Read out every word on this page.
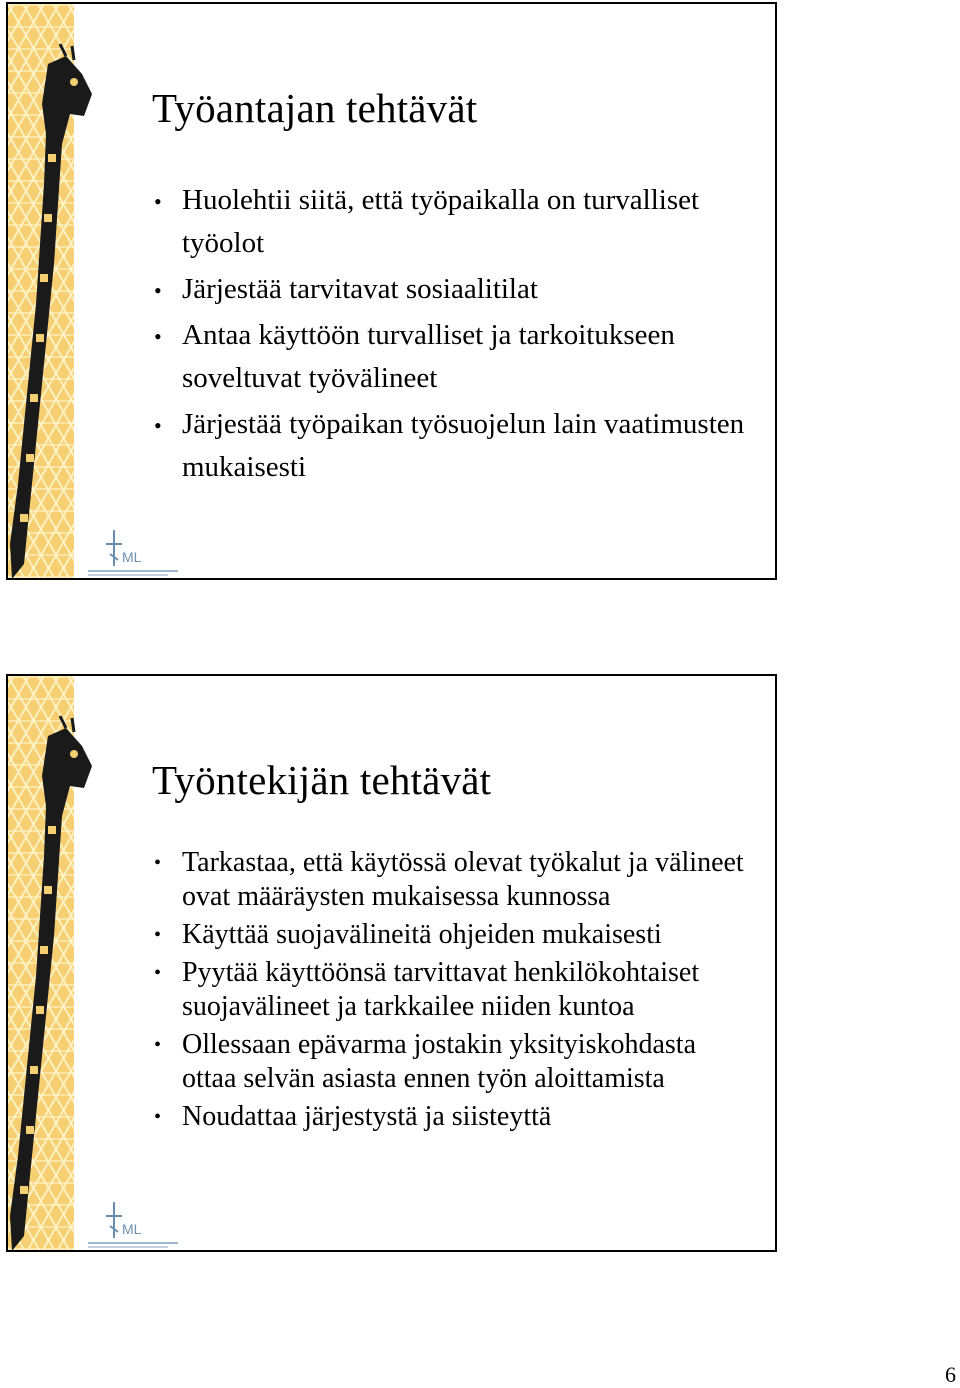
ML
Työantajan tehtävät
• Huolehtii siitä, että työpaikalla on turvalliset työolot
• Järjestää tarvitavat sosiaalitilat
• Antaa käyttöön turvalliset ja tarkoitukseen soveltuvat työvälineet
• Järjestää työpaikan työsuojelun lain vaatimusten mukaisesti
ML
Työntekijän tehtävät
• Tarkastaa, että käytössä olevat työkalut ja välineet ovat määräysten mukaisessa kunnossa
• Käyttää suojavälineitä ohjeiden mukaisesti
• Pyytää käyttöönsä tarvittavat henkilökohtaiset suojavälineet ja tarkkailee niiden kuntoa
• Ollessaan epävarma jostakin yksityiskohdasta ottaa selvän asiasta ennen työn aloittamista
• Noudattaa järjestystä ja siisteyttä
6
